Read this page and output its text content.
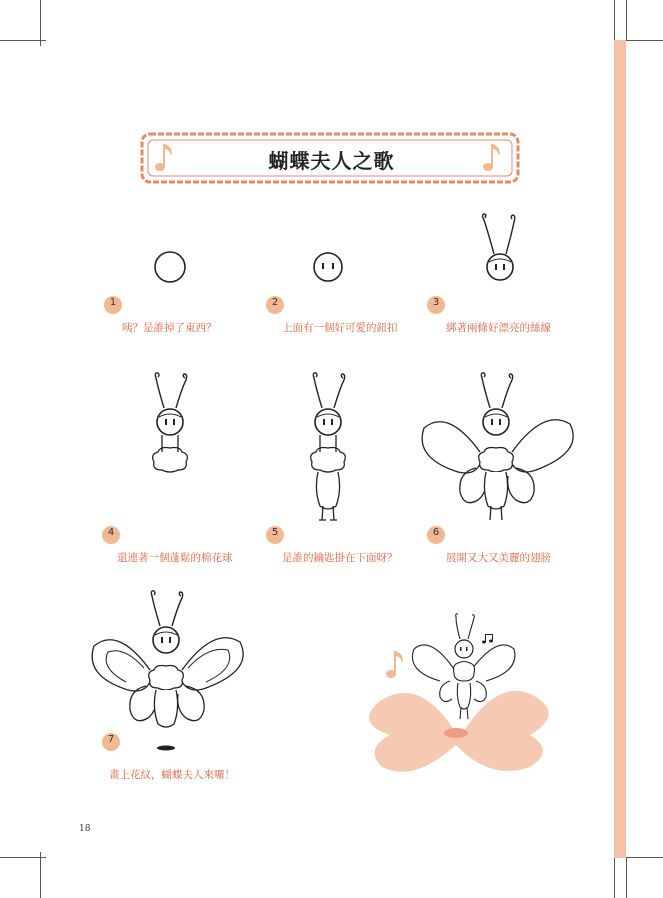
1
咦？是誰掉了東西？
2
上面有一個好可愛的鈕扣
3
綁著兩條好漂亮的絲線
4
還連著一個蓬鬆的棉花球
5
是誰的鑰匙掛在下面呀？
6
展開又大又美麗的翅膀
7
畫上花紋，蝴蝶夫人來囉！
18
